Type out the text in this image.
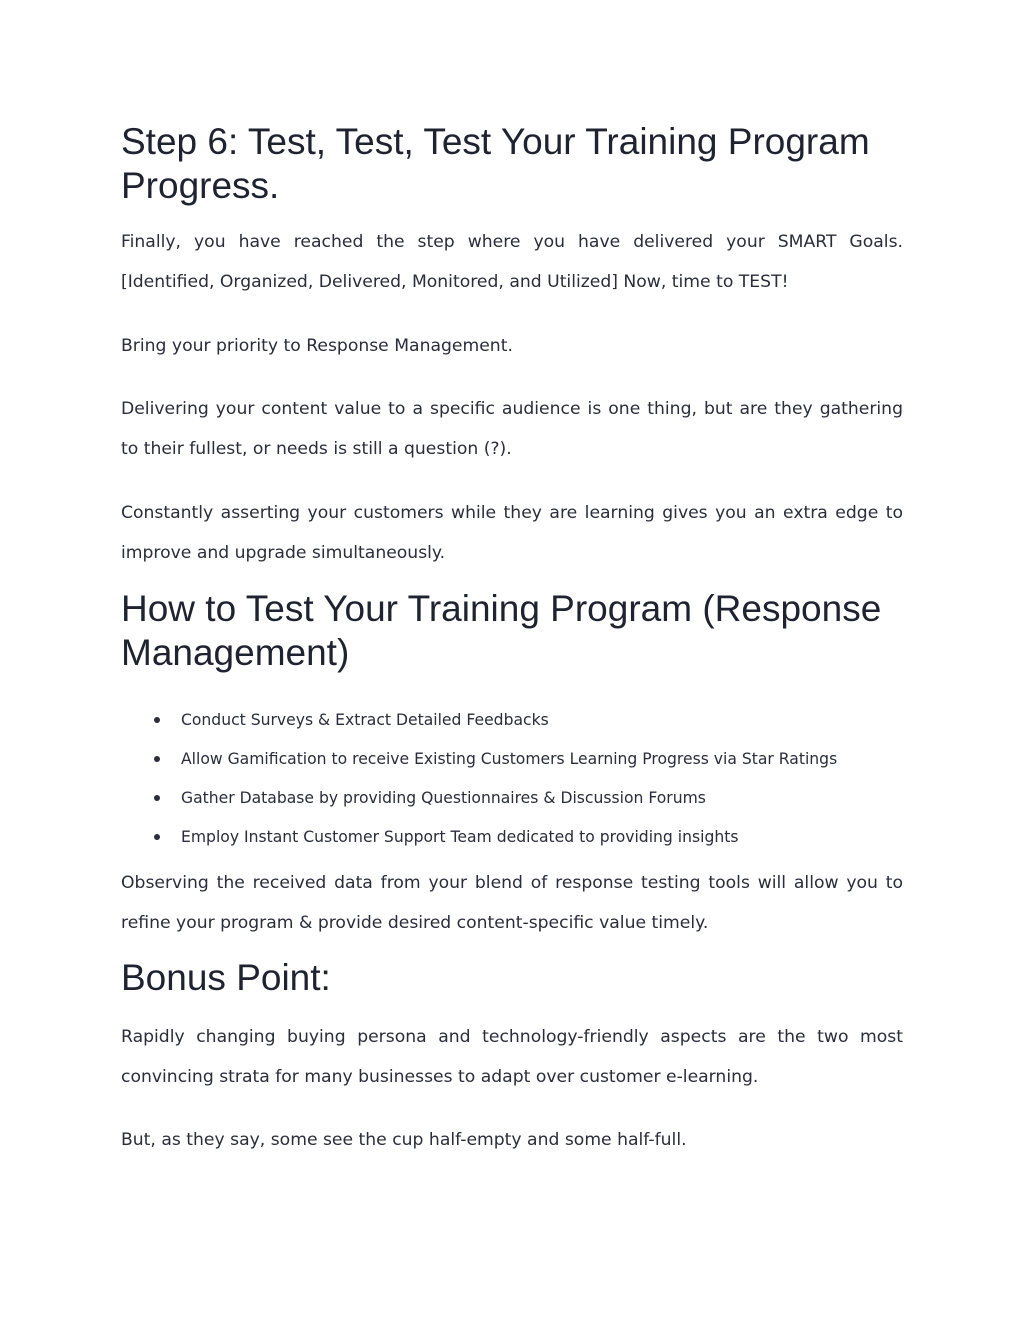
Step 6: Test, Test, Test Your Training Program Progress.

Finally, you have reached the step where you have delivered your SMART Goals. [Identified, Organized, Delivered, Monitored, and Utilized] Now, time to TEST!

Bring your priority to Response Management.

Delivering your content value to a specific audience is one thing, but are they gathering to their fullest, or needs is still a question (?).

Constantly asserting your customers while they are learning gives you an extra edge to improve and upgrade simultaneously.

How to Test Your Training Program (Response Management)
Conduct Surveys & Extract Detailed Feedbacks
Allow Gamification to receive Existing Customers Learning Progress via Star Ratings
Gather Database by providing Questionnaires & Discussion Forums
Employ Instant Customer Support Team dedicated to providing insights

Observing the received data from your blend of response testing tools will allow you to refine your program & provide desired content-specific value timely.

Bonus Point:

Rapidly changing buying persona and technology-friendly aspects are the two most convincing strata for many businesses to adapt over customer e-learning.

But, as they say, some see the cup half-empty and some half-full.
